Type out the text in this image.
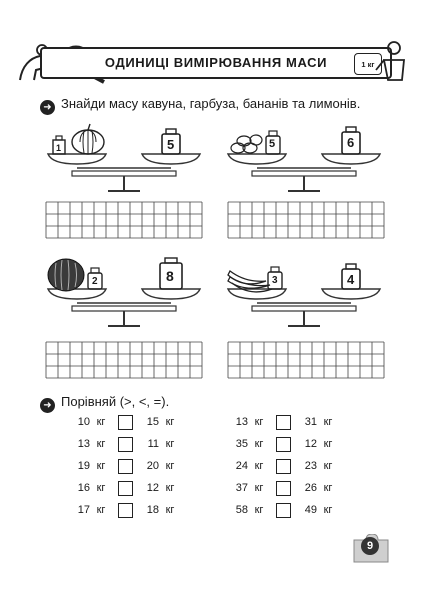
ОДИНИЦІ ВИМІРЮВАННЯ МАСИ	1 кг
➜ Знайди масу кавуна, гарбуза, бананів та лимонів.
1	5	5	6
2	8	3	4
➜ Порівняй (>, <, =).
10 кг	15 кг
13 кг	11 кг
19 кг	20 кг
16 кг	12 кг
17 кг	18 кг
13 кг	31 кг
35 кг	12 кг
24 кг	23 кг
37 кг	26 кг
58 кг	49 кг
9
